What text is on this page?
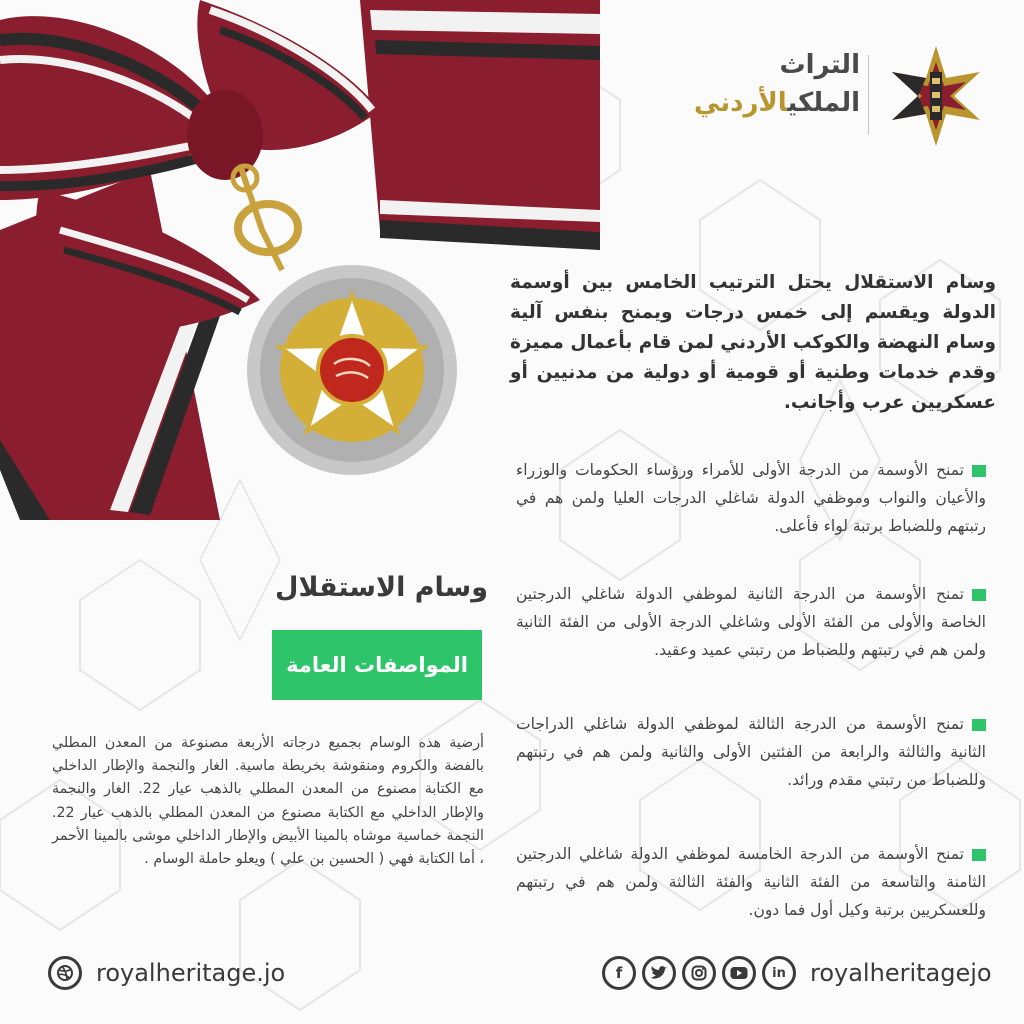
التراث
الملكيالأردني
وسام الاستقلال يحتل الترتيب الخامس بين أوسمة الدولة ويقسم إلى خمس درجات ويمنح بنفس آلية وسام النهضة والكوكب الأردني لمن قام بأعمال مميزة وقدم خدمات وطنية أو قومية أو دولية من مدنيين أو عسكريين عرب وأجانب.
تمنح الأوسمة من الدرجة الأولى للأمراء ورؤساء الحكومات والوزراء والأعيان والنواب وموظفي الدولة شاغلي الدرجات العليا ولمن هم في رتبتهم وللضباط برتبة لواء فأعلى.
تمنح الأوسمة من الدرجة الثانية لموظفي الدولة شاغلي الدرجتين الخاصة والأولى من الفئة الأولى وشاغلي الدرجة الأولى من الفئة الثانية ولمن هم في رتبتهم وللضباط من رتبتي عميد وعقيد.
تمنح الأوسمة من الدرجة الثالثة لموظفي الدولة شاغلي الدراجات الثانية والثالثة والرابعة من الفئتين الأولى والثانية ولمن هم في رتبتهم وللضباط من رتبتي مقدم ورائد.
تمنح الأوسمة من الدرجة الخامسة لموظفي الدولة شاغلي الدرجتين الثامنة والتاسعة من الفئة الثانية والفئة الثالثة ولمن هم في رتبتهم وللعسكريين برتبة وكيل أول فما دون.
وسام الاستقلال
المواصفات العامة
أرضية هذه الوسام بجميع درجاته الأربعة مصنوعة من المعدن المطلي بالفضة والكروم ومنقوشة بخريطة ماسية. الغار والنجمة والإطار الداخلي مع الكتابة مصنوع من المعدن المطلي بالذهب عيار 22. الغار والنجمة والإطار الداخلي مع الكتابة مصنوع من المعدن المطلي بالذهب عيار 22. النجمة خماسية موشاه بالمينا الأبيض والإطار الداخلي موشى بالمينا الأحمر ، أما الكتابة فهي ( الحسين بن علي ) ويعلو حاملة الوسام .
royalheritage.jo	f	in	royalheritagejo
